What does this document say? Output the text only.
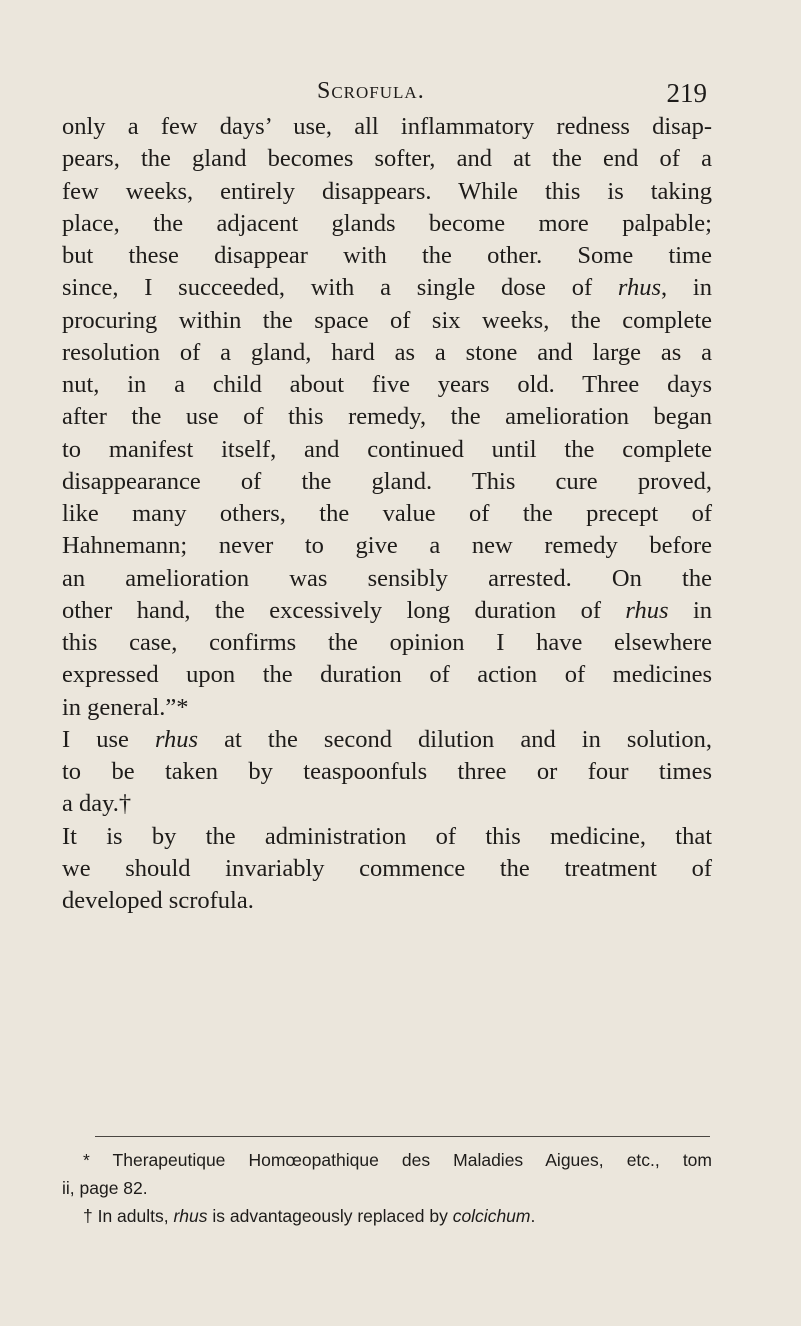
Scrofula.	219
only a few days’ use, all inflammatory redness disap-
pears, the gland becomes softer, and at the end of a
few weeks, entirely disappears. While this is taking
place, the adjacent glands become more palpable;
but these disappear with the other. Some time
since, I succeeded, with a single dose of rhus, in
procuring within the space of six weeks, the complete
resolution of a gland, hard as a stone and large as a
nut, in a child about five years old. Three days
after the use of this remedy, the amelioration began
to manifest itself, and continued until the complete
disappearance of the gland. This cure proved,
like many others, the value of the precept of
Hahnemann; never to give a new remedy before
an amelioration was sensibly arrested. On the
other hand, the excessively long duration of rhus in
this case, confirms the opinion I have elsewhere
expressed upon the duration of action of medicines
in general.”*
I use rhus at the second dilution and in solution,
to be taken by teaspoonfuls three or four times
a day.†
It is by the administration of this medicine, that
we should invariably commence the treatment of
developed scrofula.
* Therapeutique Homœopathique des Maladies Aigues, etc., tom
ii, page 82.
† In adults, rhus is advantageously replaced by colcichum.
